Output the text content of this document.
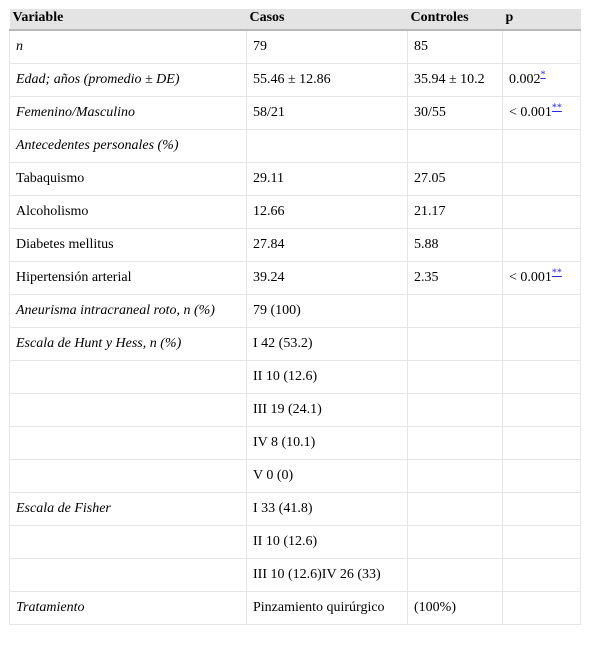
Variable	Casos	Controles	p
n	79	85	
Edad; años (promedio ± DE)	55.46 ± 12.86	35.94 ± 10.2	0.002*
Femenino/Masculino	58/21	30/55	< 0.001**
Antecedentes personales (%)			
Tabaquismo	29.11	27.05	
Alcoholismo	12.66	21.17	
Diabetes mellitus	27.84	5.88	
Hipertensión arterial	39.24	2.35	< 0.001**
Aneurisma intracraneal roto, n (%)	79 (100)		
Escala de Hunt y Hess, n (%)	I 42 (53.2)		
	II 10 (12.6)		
	III 19 (24.1)		
	IV 8 (10.1)		
	V 0 (0)		
Escala de Fisher	I 33 (41.8)		
	II 10 (12.6)		
	III 10 (12.6)IV 26 (33)		
Tratamiento	Pinzamiento quirúrgico	(100%)	
